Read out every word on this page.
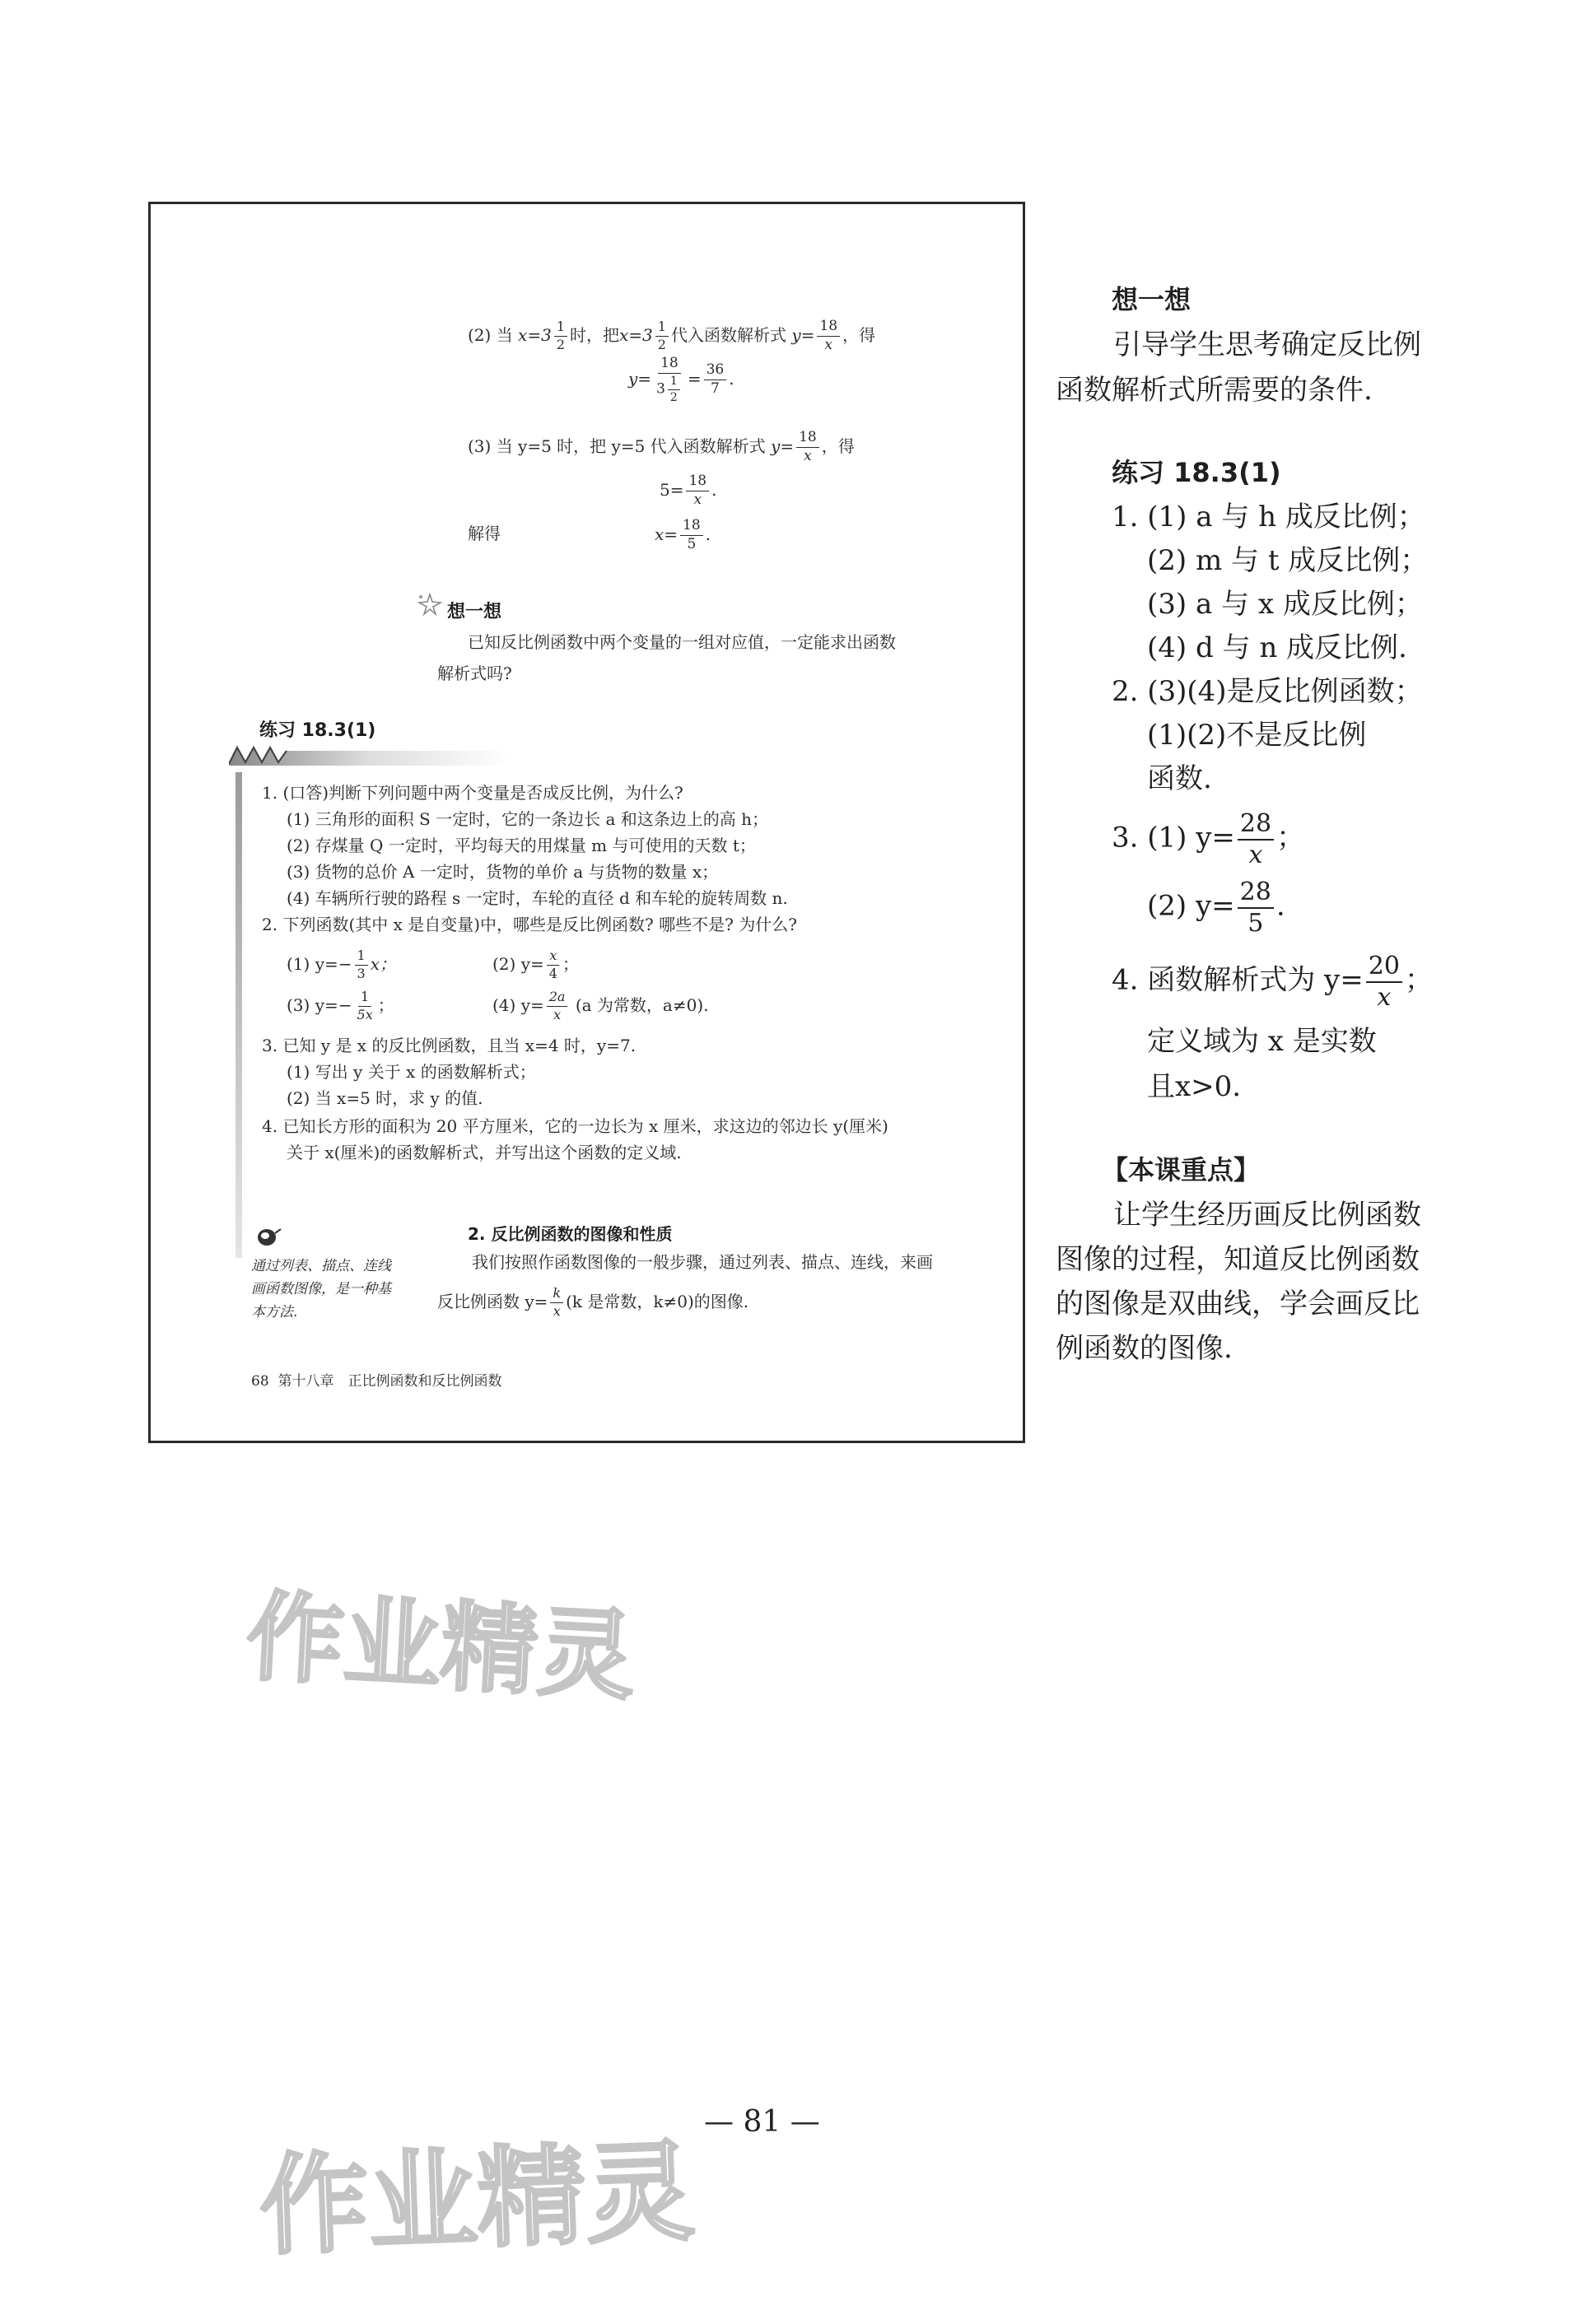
(2) 当 $x=3 \frac{1}{2}$ 时，把$x=3 \frac{1}{2}$ 代入函数解析式 $y= \frac{18}{x}$ ，得
$y= \frac{18}{3 \frac{1}{2}} = \frac{36}{7}$ .
(3) 当 y=5 时，把 y=5 代入函数解析式 $y= \frac{18}{x}$ ，得
$5= \frac{18}{x}$ .
解得	$x= \frac{18}{5}$ .
想一想
已知反比例函数中两个变量的一组对应值，一定能求出函数
解析式吗?
练习 18.3(1)
1. (口答)判断下列问题中两个变量是否成反比例，为什么?
(1) 三角形的面积 S 一定时，它的一条边长 a 和这条边上的高 h；
(2) 存煤量 Q 一定时，平均每天的用煤量 m 与可使用的天数 t；
(3) 货物的总价 A 一定时，货物的单价 a 与货物的数量 x；
(4) 车辆所行驶的路程 s 一定时，车轮的直径 d 和车轮的旋转周数 n.
2. 下列函数(其中 x 是自变量)中，哪些是反比例函数? 哪些不是? 为什么?
(1) $y=- \frac{1}{3}$ x；	(2) $y= \frac{x}{4}$ ；
(3) $y=- \frac{1}{5x}$ ；	(4) $y= \frac{2a}{x} (a$ 为常数，a≠0).
3. 已知 y 是 x 的反比例函数，且当 x=4 时，y=7.
(1) 写出 y 关于 x 的函数解析式；
(2) 当 x=5 时，求 y 的值.
4. 已知长方形的面积为 20 平方厘米，它的一边长为 x 厘米，求这边的邻边长 y(厘米)
关于 x(厘米)的函数解析式，并写出这个函数的定义域.
通过列表、描点、连线
画函数图像，是一种基
本方法.
2. 反比例函数的图像和性质
我们按照作函数图像的一般步骤，通过列表、描点、连线，来画
反比例函数 $y= \frac{k}{x} (k$ 是常数，k≠0)的图像.
68 第十八章　正比例函数和反比例函数
想一想
引导学生思考确定反比例
函数解析式所需要的条件.
练习 18.3(1)
1. (1) a 与 h 成反比例；
(2) m 与 t 成反比例；
(3) a 与 x 成反比例；
(4) d 与 n 成反比例.
2. (3)(4)是反比例函数；
(1)(2)不是反比例
函数.
3. (1) $y= \frac{28}{x}$ ；
(2) $y= \frac{28}{5}$ .
4. 函数解析式为 $y= \frac{20}{x}$ ；
定义域为 x 是实数
且x>0.
【本课重点】
让学生经历画反比例函数
图像的过程，知道反比例函数
的图像是双曲线，学会画反比
例函数的图像.
作业精灵
作业精灵
— 81 —
